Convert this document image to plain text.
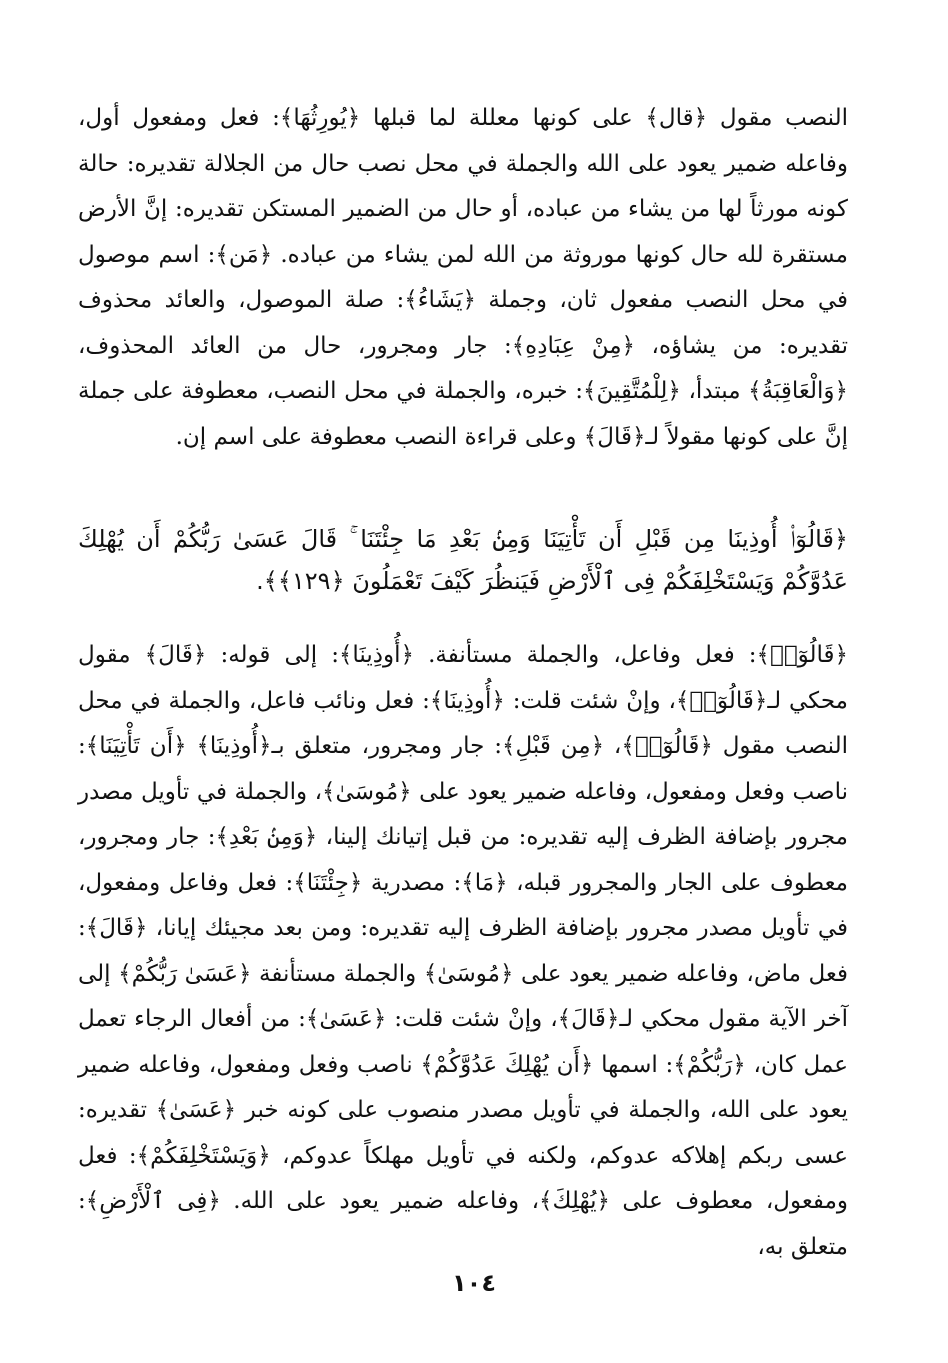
النصب مقول ﴿قال﴾ على كونها معللة لما قبلها ﴿يُورِثُهَا﴾: فعل ومفعول أول، وفاعله ضمير يعود على الله والجملة في محل نصب حال من الجلالة تقديره: حالة كونه مورثاً لها من يشاء من عباده، أو حال من الضمير المستكن تقديره: إنَّ الأرض مستقرة لله حال كونها موروثة من الله لمن يشاء من عباده. ﴿مَن﴾: اسم موصول في محل النصب مفعول ثان، وجملة ﴿يَشَاءُ﴾: صلة الموصول، والعائد محذوف تقديره: من يشاؤه، ﴿مِنْ عِبَادِهِ﴾: جار ومجرور، حال من العائد المحذوف، ﴿وَالْعَاقِبَةُ﴾ مبتدأ، ﴿لِلْمُتَّقِينَ﴾: خبره، والجملة في محل النصب، معطوفة على جملة إنَّ على كونها مقولاً لـ﴿قَالَ﴾ وعلى قراءة النصب معطوفة على اسم إن.
﴿قَالُوٓا۟ أُوذِينَا مِن قَبْلِ أَن تَأْتِيَنَا وَمِنۢ بَعْدِ مَا جِئْتَنَا ۚ قَالَ عَسَىٰ رَبُّكُمْ أَن يُهْلِكَ عَدُوَّكُمْ وَيَسْتَخْلِفَكُمْ فِى ٱلْأَرْضِ فَيَنظُرَ كَيْفَ تَعْمَلُونَ ﴿١٢٩﴾﴾.
﴿قَالُوٓا۟﴾: فعل وفاعل، والجملة مستأنفة. ﴿أُوذِينَا﴾: إلى قوله: ﴿قَالَ﴾ مقول محكي لـ﴿قَالُوٓا۟﴾، وإنْ شئت قلت: ﴿أُوذِينَا﴾: فعل ونائب فاعل، والجملة في محل النصب مقول ﴿قَالُوٓا۟﴾، ﴿مِن قَبْلِ﴾: جار ومجرور، متعلق بـ﴿أُوذِينَا﴾ ﴿أَن تَأْتِيَنَا﴾: ناصب وفعل ومفعول، وفاعله ضمير يعود على ﴿مُوسَىٰ﴾، والجملة في تأويل مصدر مجرور بإضافة الظرف إليه تقديره: من قبل إتيانك إلينا، ﴿وَمِنۢ بَعْدِ﴾: جار ومجرور، معطوف على الجار والمجرور قبله، ﴿مَا﴾: مصدرية ﴿جِئْتَنَا﴾: فعل وفاعل ومفعول، في تأويل مصدر مجرور بإضافة الظرف إليه تقديره: ومن بعد مجيئك إيانا، ﴿قَالَ﴾: فعل ماض، وفاعله ضمير يعود على ﴿مُوسَىٰ﴾ والجملة مستأنفة ﴿عَسَىٰ رَبُّكُمْ﴾ إلى آخر الآية مقول محكي لـ﴿قَالَ﴾، وإنْ شئت قلت: ﴿عَسَىٰ﴾: من أفعال الرجاء تعمل عمل كان، ﴿رَبُّكُمْ﴾: اسمها ﴿أَن يُهْلِكَ عَدُوَّكُمْ﴾ ناصب وفعل ومفعول، وفاعله ضمير يعود على الله، والجملة في تأويل مصدر منصوب على كونه خبر ﴿عَسَىٰ﴾ تقديره: عسى ربكم إهلاكه عدوكم، ولكنه في تأويل مهلكاً عدوكم، ﴿وَيَسْتَخْلِفَكُمْ﴾: فعل ومفعول، معطوف على ﴿يُهْلِكَ﴾، وفاعله ضمير يعود على الله. ﴿فِى ٱلْأَرْضِ﴾: متعلق به،
١٠٤
